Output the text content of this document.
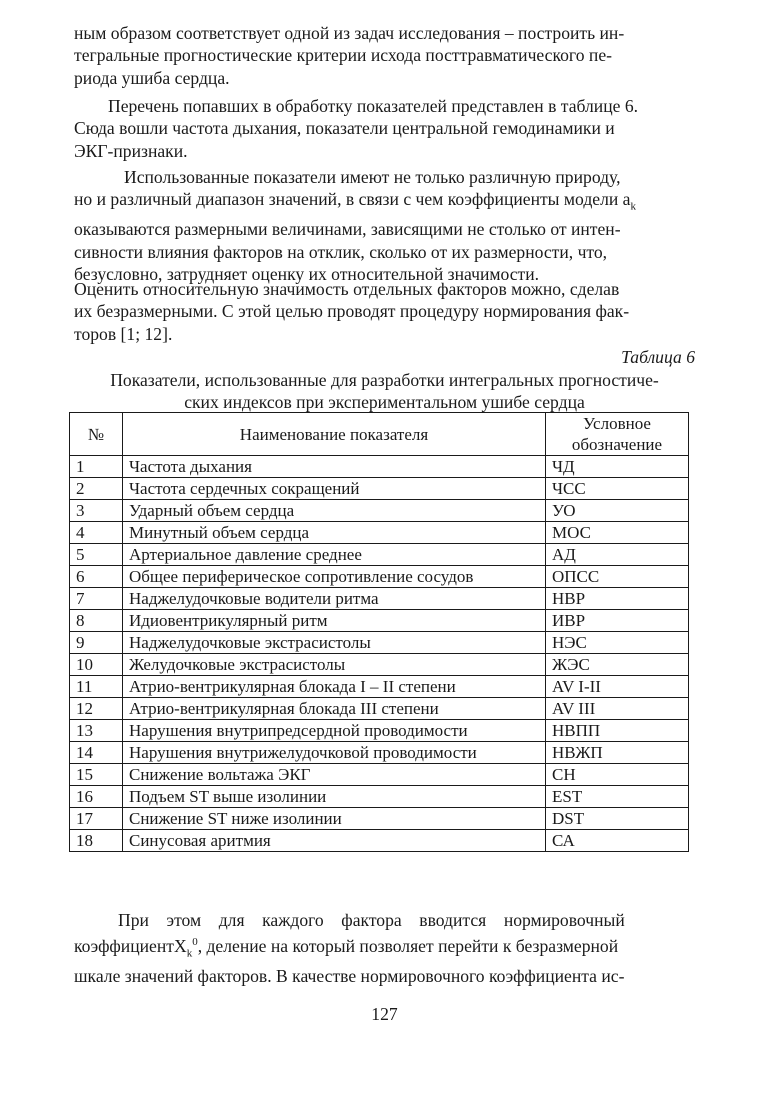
ным образом соответствует одной из задач исследования – построить ин-
тегральные прогностические критерии исхода посттравматического пе-
риода ушиба сердца.

Перечень попавших в обработку показателей представлен в таблице 6.
Сюда вошли частота дыхания, показатели центральной гемодинамики и
ЭКГ-признаки.

Использованные показатели имеют не только различную природу,
но и различный диапазон значений, в связи с чем коэффициенты модели $a_k$
оказываются размерными величинами, зависящими не столько от интен-
сивности влияния факторов на отклик, сколько от их размерности, что,
безусловно, затрудняет оценку их относительной значимости.

Оценить относительную значимость отдельных факторов можно, сделав
их безразмерными. С этой целью проводят процедуру нормирования фак-
торов [1; 12].

Таблица 6
Показатели, использованные для разработки интегральных прогностиче-
ских индексов при экспериментальном ушибе сердца
№	Наименование показателя	Условное
обозначение

1	Частота дыхания	ЧД
2	Частота сердечных сокращений	ЧСС
3	Ударный объем сердца	УО
4	Минутный объем сердца	МОС
5	Артериальное давление среднее	АД
6	Общее периферическое сопротивление сосудов	ОПСС
7	Наджелудочковые водители ритма	НВР
8	Идиовентрикулярный ритм	ИВР
9	Наджелудочковые экстрасистолы	НЭС
10	Желудочковые экстрасистолы	ЖЭС
11	Атрио-вентрикулярная блокада I – II степени	AV I-II
12	Атрио-вентрикулярная блокада III степени	AV III
13	Нарушения внутрипредсердной проводимости	НВПП
14	Нарушения внутрижелудочковой проводимости	НВЖП
15	Снижение вольтажа ЭКГ	СН
16	Подъем ST выше изолинии	EST
17	Снижение ST ниже изолинии	DST
18	Синусовая аритмия	СА

При    этом    для    каждого    фактора    вводится    нормировочный
коэффициентX$_k^0$, деление на который позволяет перейти к безразмерной
шкале значений факторов. В качестве нормировочного коэффициента ис-

127
